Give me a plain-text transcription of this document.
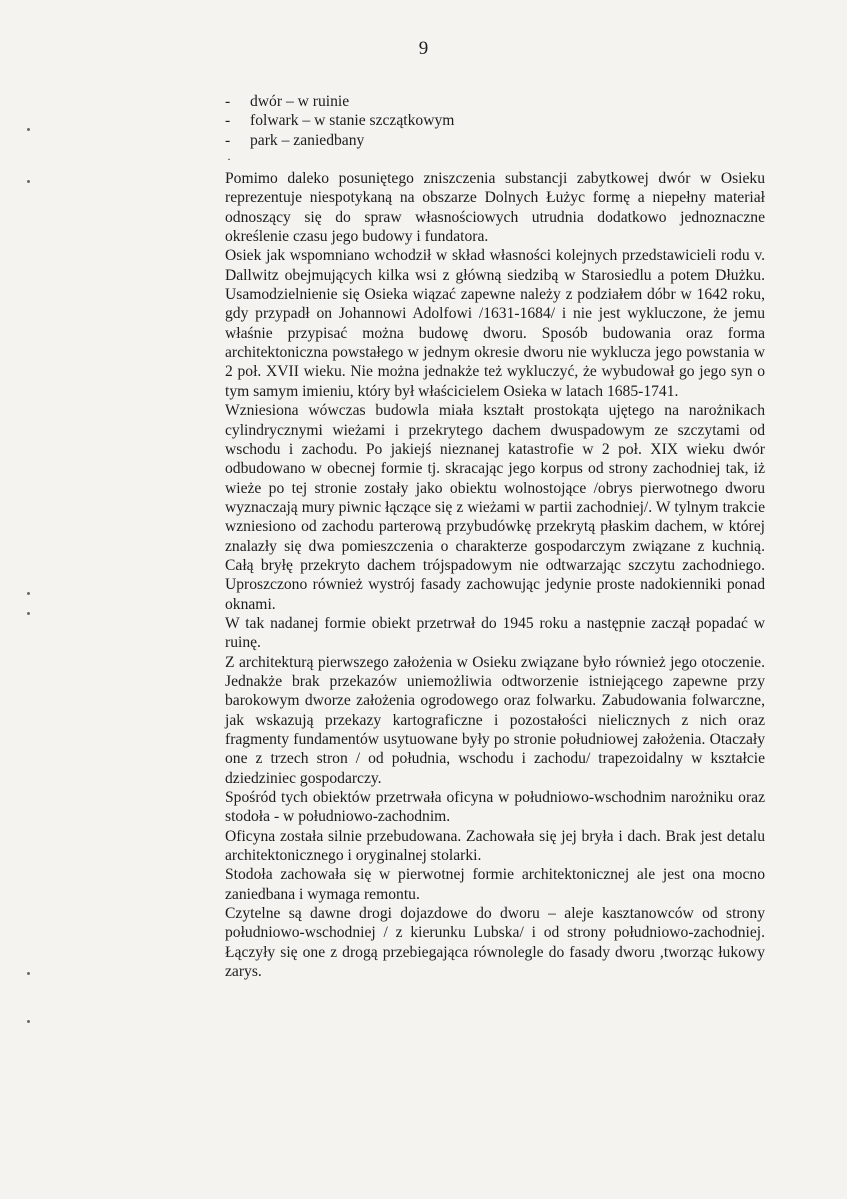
9
- dwór – w ruinie
- folwark – w stanie szczątkowym
- park – zaniedbany
·

Pomimo daleko posuniętego zniszczenia substancji zabytkowej dwór w Osieku reprezentuje niespotykaną na obszarze Dolnych Łużyc formę a niepełny materiał odnoszący się do spraw własnościowych utrudnia dodatkowo jednoznaczne określenie czasu jego budowy i fundatora.

Osiek jak wspomniano wchodził w skład własności kolejnych przedstawicieli rodu v. Dallwitz obejmujących kilka wsi z główną siedzibą w Starosiedlu a potem Dłużku. Usamodzielnienie się Osieka wiązać zapewne należy z podziałem dóbr w 1642 roku, gdy przypadł on Johannowi Adolfowi /1631-1684/ i nie jest wykluczone, że jemu właśnie przypisać można budowę dworu. Sposób budowania oraz forma architektoniczna powstałego w jednym okresie dworu nie wyklucza jego powstania w 2 poł. XVII wieku. Nie można jednakże też wykluczyć, że wybudował go jego syn o tym samym imieniu, który był właścicielem Osieka w latach 1685-1741.

Wzniesiona wówczas budowla miała kształt prostokąta ujętego na narożnikach cylindrycznymi wieżami i przekrytego dachem dwuspadowym ze szczytami od wschodu i zachodu. Po jakiejś nieznanej katastrofie w 2 poł. XIX wieku dwór odbudowano w obecnej formie tj. skracając jego korpus od strony zachodniej tak, iż wieże po tej stronie zostały jako obiektu wolnostojące /obrys pierwotnego dworu wyznaczają mury piwnic łączące się z wieżami w partii zachodniej/. W tylnym trakcie wzniesiono od zachodu parterową przybudówkę przekrytą płaskim dachem, w której znalazły się dwa pomieszczenia o charakterze gospodarczym związane z kuchnią. Całą bryłę przekryto dachem trójspadowym nie odtwarzając szczytu zachodniego. Uproszczono również wystrój fasady zachowując jedynie proste nadokienniki ponad oknami.

W tak nadanej formie obiekt przetrwał do 1945 roku a następnie zaczął popadać w ruinę.

Z architekturą pierwszego założenia w Osieku związane było również jego otoczenie. Jednakże brak przekazów uniemożliwia odtworzenie istniejącego zapewne przy barokowym dworze założenia ogrodowego oraz folwarku. Zabudowania folwarczne, jak wskazują przekazy kartograficzne i pozostałości nielicznych z nich oraz fragmenty fundamentów usytuowane były po stronie południowej założenia. Otaczały one z trzech stron / od południa, wschodu i zachodu/ trapezoidalny w kształcie dziedziniec gospodarczy.

Spośród tych obiektów przetrwała oficyna w południowo-wschodnim narożniku oraz stodoła - w południowo-zachodnim.

Oficyna została silnie przebudowana. Zachowała się jej bryła i dach. Brak jest detalu architektonicznego i oryginalnej stolarki.

Stodoła zachowała się w pierwotnej formie architektonicznej ale jest ona mocno zaniedbana i wymaga remontu.

Czytelne są dawne drogi dojazdowe do dworu – aleje kasztanowców od strony południowo-wschodniej / z kierunku Lubska/ i od strony południowo-zachodniej. Łączyły się one z drogą przebiegająca równolegle do fasady dworu ,tworząc łukowy zarys.
